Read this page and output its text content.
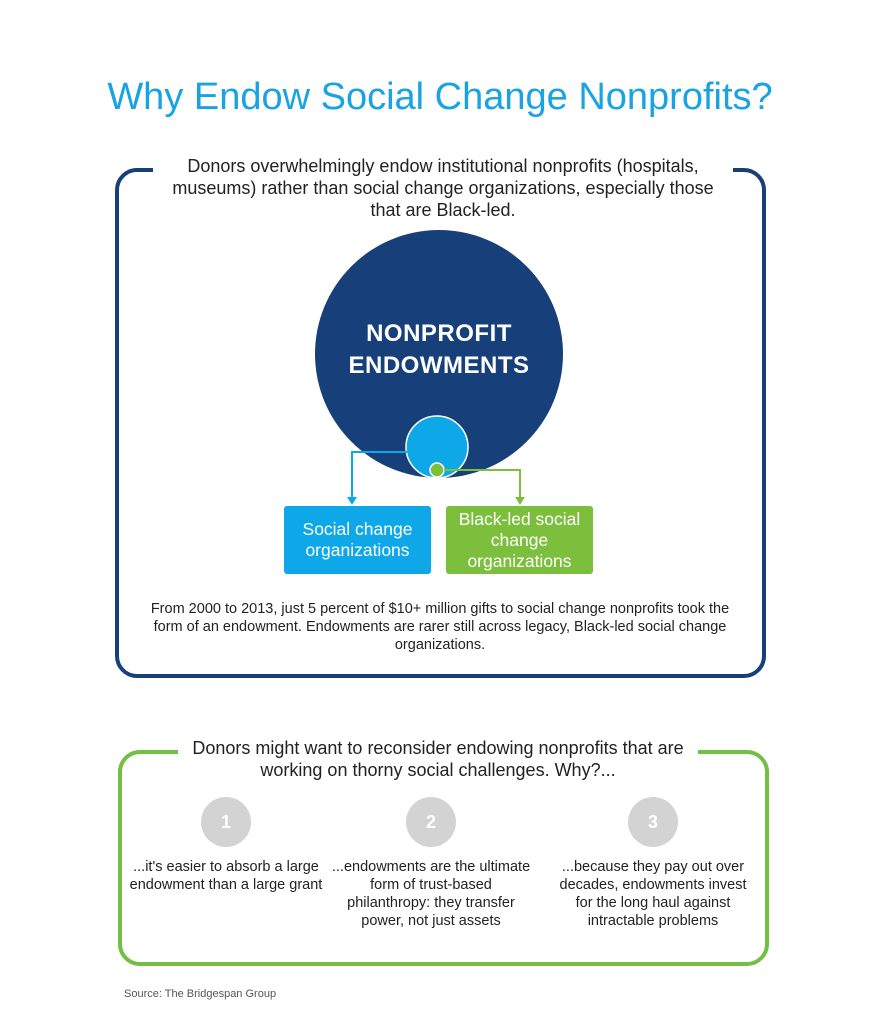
Why Endow Social Change Nonprofits?
Donors overwhelmingly endow institutional nonprofits (hospitals, museums) rather than social change organizations, especially those that are Black-led.
NONPROFIT ENDOWMENTS
Social change organizations
Black-led social change organizations
From 2000 to 2013, just 5 percent of $10+ million gifts to social change nonprofits took the form of an endowment. Endowments are rarer still across legacy, Black-led social change organizations.
Donors might want to reconsider endowing nonprofits that are working on thorny social challenges. Why?...
1	2	3
...it's easier to absorb a large endowment than a large grant
...endowments are the ultimate form of trust-based philanthropy: they transfer power, not just assets
...because they pay out over decades, endowments invest for the long haul against intractable problems
Source: The Bridgespan Group
